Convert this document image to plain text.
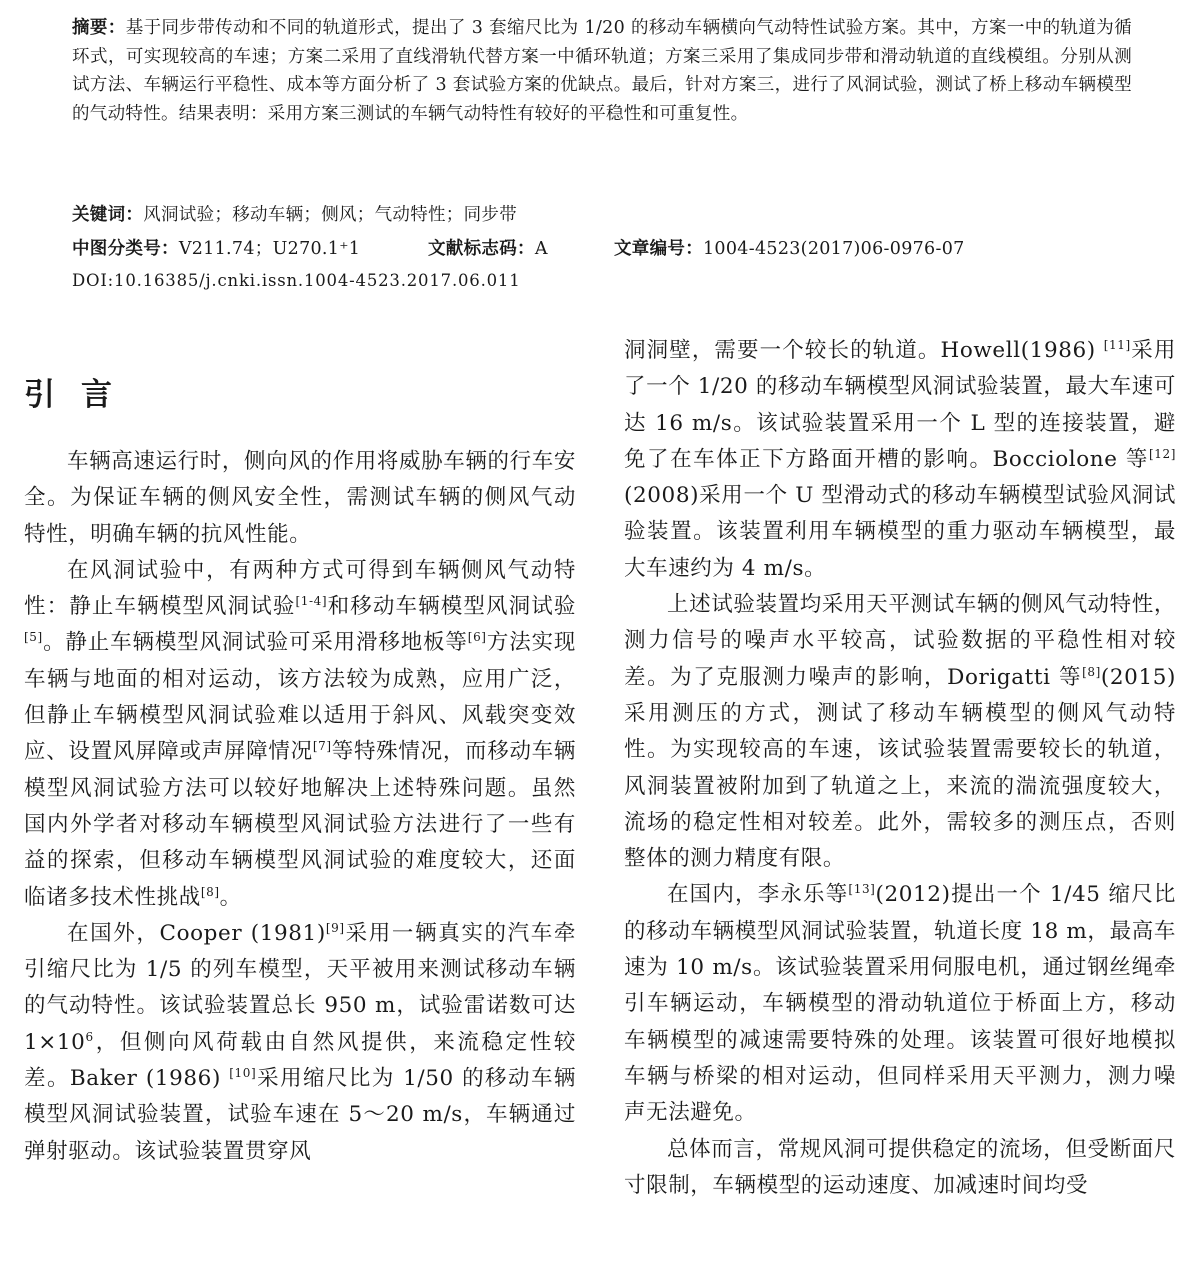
摘要：基于同步带传动和不同的轨道形式，提出了 3 套缩尺比为 1/20 的移动车辆横向气动特性试验方案。其中，方案一中的轨道为循环式，可实现较高的车速；方案二采用了直线滑轨代替方案一中循环轨道；方案三采用了集成同步带和滑动轨道的直线模组。分别从测试方法、车辆运行平稳性、成本等方面分析了 3 套试验方案的优缺点。最后，针对方案三，进行了风洞试验，测试了桥上移动车辆模型的气动特性。结果表明：采用方案三测试的车辆气动特性有较好的平稳性和可重复性。
关键词：风洞试验；移动车辆；侧风；气动特性；同步带
中图分类号：V211.74；U270.1⁺1	文献标志码：A	文章编号：1004-4523(2017)06-0976-07
DOI:10.16385/j.cnki.issn.1004-4523.2017.06.011
引言

车辆高速运行时，侧向风的作用将威胁车辆的行车安全。为保证车辆的侧风安全性，需测试车辆的侧风气动特性，明确车辆的抗风性能。

在风洞试验中，有两种方式可得到车辆侧风气动特性：静止车辆模型风洞试验[1-4]和移动车辆模型风洞试验[5]。静止车辆模型风洞试验可采用滑移地板等[6]方法实现车辆与地面的相对运动，该方法较为成熟，应用广泛，但静止车辆模型风洞试验难以适用于斜风、风载突变效应、设置风屏障或声屏障情况[7]等特殊情况，而移动车辆模型风洞试验方法可以较好地解决上述特殊问题。虽然国内外学者对移动车辆模型风洞试验方法进行了一些有益的探索，但移动车辆模型风洞试验的难度较大，还面临诸多技术性挑战[8]。

在国外，Cooper (1981)[9]采用一辆真实的汽车牵引缩尺比为 1/5 的列车模型，天平被用来测试移动车辆的气动特性。该试验装置总长 950 m，试验雷诺数可达 $1\times 10^6$，但侧向风荷载由自然风提供，来流稳定性较差。Baker (1986) [10]采用缩尺比为 1/50 的移动车辆模型风洞试验装置，试验车速在 5～20 m/s，车辆通过弹射驱动。该试验装置贯穿风

洞洞壁，需要一个较长的轨道。Howell(1986) [11]采用了一个 1/20 的移动车辆模型风洞试验装置，最大车速可达 16 m/s。该试验装置采用一个 L 型的连接装置，避免了在车体正下方路面开槽的影响。Bocciolone 等[12](2008)采用一个 U 型滑动式的移动车辆模型试验风洞试验装置。该装置利用车辆模型的重力驱动车辆模型，最大车速约为 4 m/s。

上述试验装置均采用天平测试车辆的侧风气动特性，测力信号的噪声水平较高，试验数据的平稳性相对较差。为了克服测力噪声的影响，Dorigatti 等[8](2015)采用测压的方式，测试了移动车辆模型的侧风气动特性。为实现较高的车速，该试验装置需要较长的轨道，风洞装置被附加到了轨道之上，来流的湍流强度较大，流场的稳定性相对较差。此外，需较多的测压点，否则整体的测力精度有限。

在国内，李永乐等[13](2012)提出一个 1/45 缩尺比的移动车辆模型风洞试验装置，轨道长度 18 m，最高车速为 10 m/s。该试验装置采用伺服电机，通过钢丝绳牵引车辆运动，车辆模型的滑动轨道位于桥面上方，移动车辆模型的减速需要特殊的处理。该装置可很好地模拟车辆与桥梁的相对运动，但同样采用天平测力，测力噪声无法避免。

总体而言，常规风洞可提供稳定的流场，但受断面尺寸限制，车辆模型的运动速度、加减速时间均受
